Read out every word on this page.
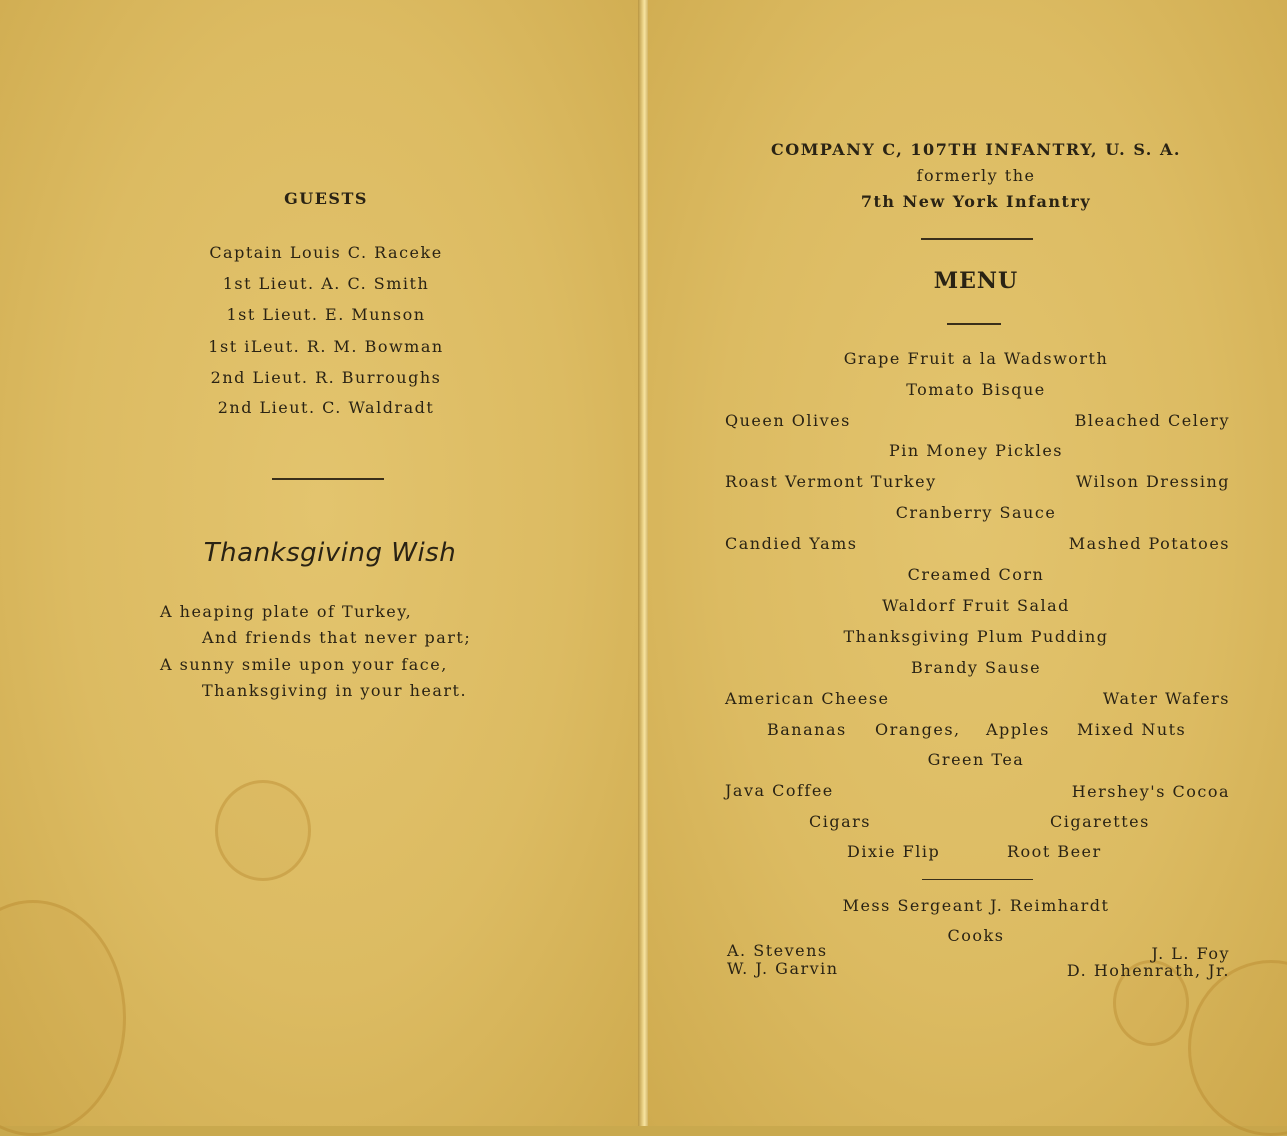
GUESTS
Captain Louis C. Raceke
1st Lieut. A. C. Smith
1st Lieut. E. Munson
1st iLeut. R. M. Bowman
2nd Lieut. R. Burroughs
2nd Lieut. C. Waldradt
Thanksgiving Wish
A heaping plate of Turkey,
And friends that never part;
A sunny smile upon your face,
Thanksgiving in your heart.
COMPANY C, 107TH INFANTRY, U. S. A.
formerly the
7th New York Infantry
MENU
Grape Fruit a la Wadsworth
Tomato Bisque
Queen Olives	Bleached Celery
Pin Money Pickles
Roast Vermont Turkey	Wilson Dressing
Cranberry Sauce
Candied Yams	Mashed Potatoes
Creamed Corn
Waldorf Fruit Salad
Thanksgiving Plum Pudding
Brandy Sause
American Cheese	Water Wafers
Bananas Oranges, Apples Mixed Nuts
Green Tea
Java Coffee	Hershey's Cocoa
Cigars	Cigarettes
Dixie Flip	Root Beer
Mess Sergeant J. Reimhardt
Cooks
A. Stevens
W. J. Garvin
J. L. Foy
D. Hohenrath, Jr.
